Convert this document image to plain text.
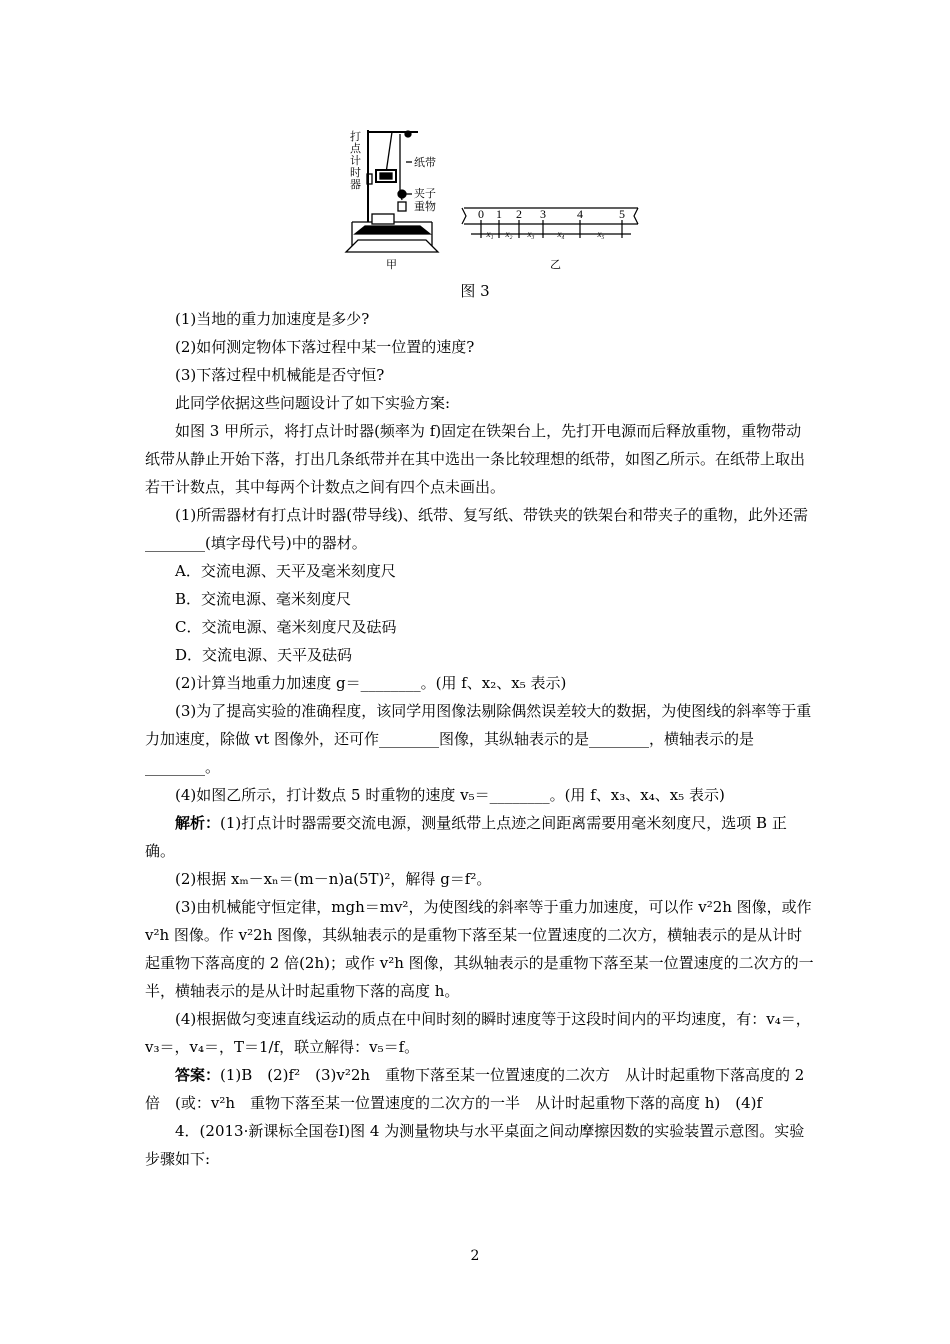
打
点
计
时
器
纸带
夹子
重物
甲
0 1 2 3	4	5
x₁ x₂ x₃	x₄	x₅
乙
图 3

(1)当地的重力加速度是多少?

(2)如何测定物体下落过程中某一位置的速度?

(3)下落过程中机械能是否守恒?

此同学依据这些问题设计了如下实验方案:

如图 3 甲所示，将打点计时器(频率为 f)固定在铁架台上，先打开电源而后释放重物，重物带动纸带从静止开始下落，打出几条纸带并在其中选出一条比较理想的纸带，如图乙所示。在纸带上取出若干计数点，其中每两个计数点之间有四个点未画出。

(1)所需器材有打点计时器(带导线)、纸带、复写纸、带铁夹的铁架台和带夹子的重物，此外还需________(填字母代号)中的器材。

A．交流电源、天平及毫米刻度尺

B．交流电源、毫米刻度尺

C．交流电源、毫米刻度尺及砝码

D．交流电源、天平及砝码

(2)计算当地重力加速度 g＝________。(用 f、x₂、x₅ 表示)

(3)为了提高实验的准确程度，该同学用图像法剔除偶然误差较大的数据，为使图线的斜率等于重力加速度，除做 vt 图像外，还可作________图像，其纵轴表示的是________，横轴表示的是________。

(4)如图乙所示，打计数点 5 时重物的速度 v₅＝________。(用 f、x₃、x₄、x₅ 表示)

解析：(1)打点计时器需要交流电源，测量纸带上点迹之间距离需要用毫米刻度尺，选项 B 正确。

(2)根据 xₘ－xₙ＝(m－n)a(5T)²，解得 g＝f²。

(3)由机械能守恒定律，mgh＝mv²，为使图线的斜率等于重力加速度，可以作 v²2h 图像，或作 v²h 图像。作 v²2h 图像，其纵轴表示的是重物下落至某一位置速度的二次方，横轴表示的是从计时起重物下落高度的 2 倍(2h)；或作 v²h 图像，其纵轴表示的是重物下落至某一位置速度的二次方的一半，横轴表示的是从计时起重物下落的高度 h。

(4)根据做匀变速直线运动的质点在中间时刻的瞬时速度等于这段时间内的平均速度，有：v₄＝，v₃＝，v₄＝，T＝1/f，联立解得：v₅＝f。

答案：(1)B　(2)f²　(3)v²2h　重物下落至某一位置速度的二次方　从计时起重物下落高度的 2 倍　(或：v²h　重物下落至某一位置速度的二次方的一半　从计时起重物下落的高度 h)　(4)f

4．(2013·新课标全国卷Ⅰ)图 4 为测量物块与水平桌面之间动摩擦因数的实验装置示意图。实验步骤如下:

2
